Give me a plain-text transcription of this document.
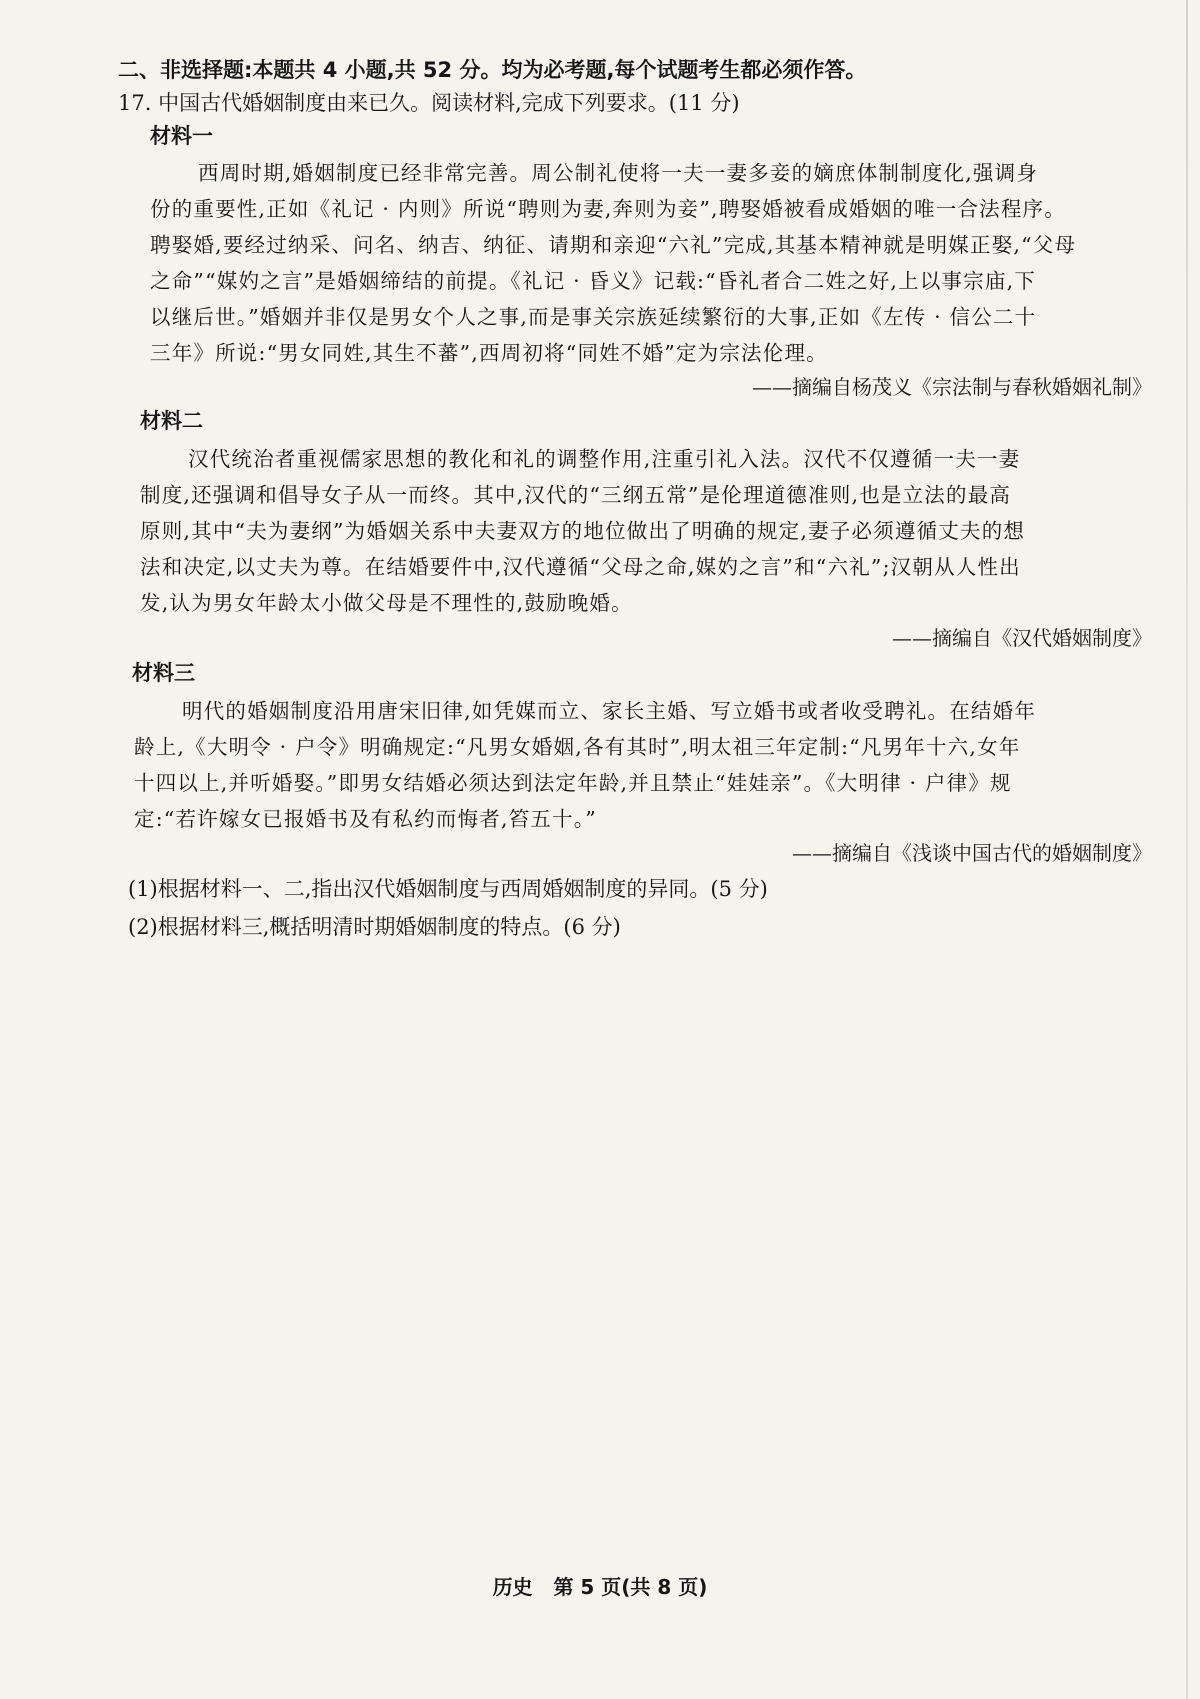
二、非选择题:本题共 4 小题,共 52 分。均为必考题,每个试题考生都必须作答。
17. 中国古代婚姻制度由来已久。阅读材料,完成下列要求。(11 分)
材料一
西周时期,婚姻制度已经非常完善。周公制礼使将一夫一妻多妾的嫡庶体制制度化,强调身
份的重要性,正如《礼记 · 内则》所说“聘则为妻,奔则为妾”,聘娶婚被看成婚姻的唯一合法程序。
聘娶婚,要经过纳采、问名、纳吉、纳征、请期和亲迎“六礼”完成,其基本精神就是明媒正娶,“父母
之命”“媒妁之言”是婚姻缔结的前提。《礼记 · 昏义》记载:“昏礼者合二姓之好,上以事宗庙,下
以继后世。”婚姻并非仅是男女个人之事,而是事关宗族延续繁衍的大事,正如《左传 · 信公二十
三年》所说:“男女同姓,其生不蕃”,西周初将“同姓不婚”定为宗法伦理。
——摘编自杨茂义《宗法制与春秋婚姻礼制》
材料二
汉代统治者重视儒家思想的教化和礼的调整作用,注重引礼入法。汉代不仅遵循一夫一妻
制度,还强调和倡导女子从一而终。其中,汉代的“三纲五常”是伦理道德准则,也是立法的最高
原则,其中“夫为妻纲”为婚姻关系中夫妻双方的地位做出了明确的规定,妻子必须遵循丈夫的想
法和决定,以丈夫为尊。在结婚要件中,汉代遵循“父母之命,媒妁之言”和“六礼”;汉朝从人性出
发,认为男女年龄太小做父母是不理性的,鼓励晚婚。
——摘编自《汉代婚姻制度》
材料三
明代的婚姻制度沿用唐宋旧律,如凭媒而立、家长主婚、写立婚书或者收受聘礼。在结婚年
龄上,《大明令 · 户令》明确规定:“凡男女婚姻,各有其时”,明太祖三年定制:“凡男年十六,女年
十四以上,并听婚娶。”即男女结婚必须达到法定年龄,并且禁止“娃娃亲”。《大明律 · 户律》规
定:“若许嫁女已报婚书及有私约而悔者,笞五十。”
——摘编自《浅谈中国古代的婚姻制度》
(1)根据材料一、二,指出汉代婚姻制度与西周婚姻制度的异同。(5 分)
(2)根据材料三,概括明清时期婚姻制度的特点。(6 分)
历史   第 5 页(共 8 页)
